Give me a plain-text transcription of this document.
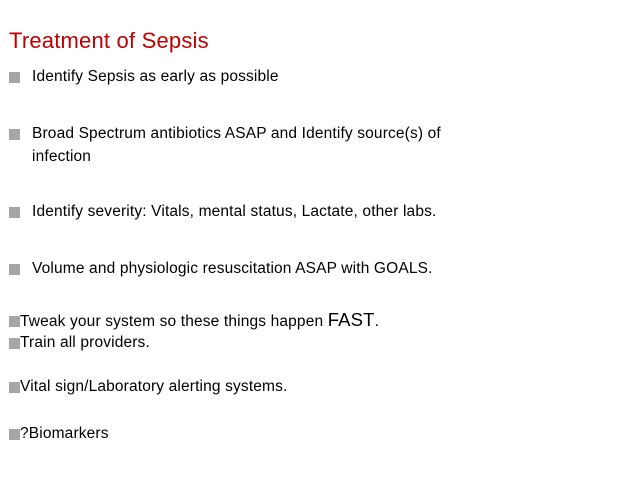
Treatment of Sepsis
Identify Sepsis as early as possible
Broad Spectrum antibiotics ASAP and Identify source(s) of
infection
Identify severity: Vitals, mental status, Lactate, other labs.
Volume and physiologic resuscitation ASAP with GOALS.
Tweak your system so these things happen FAST.
Train all providers.
Vital sign/Laboratory alerting systems.
?Biomarkers
